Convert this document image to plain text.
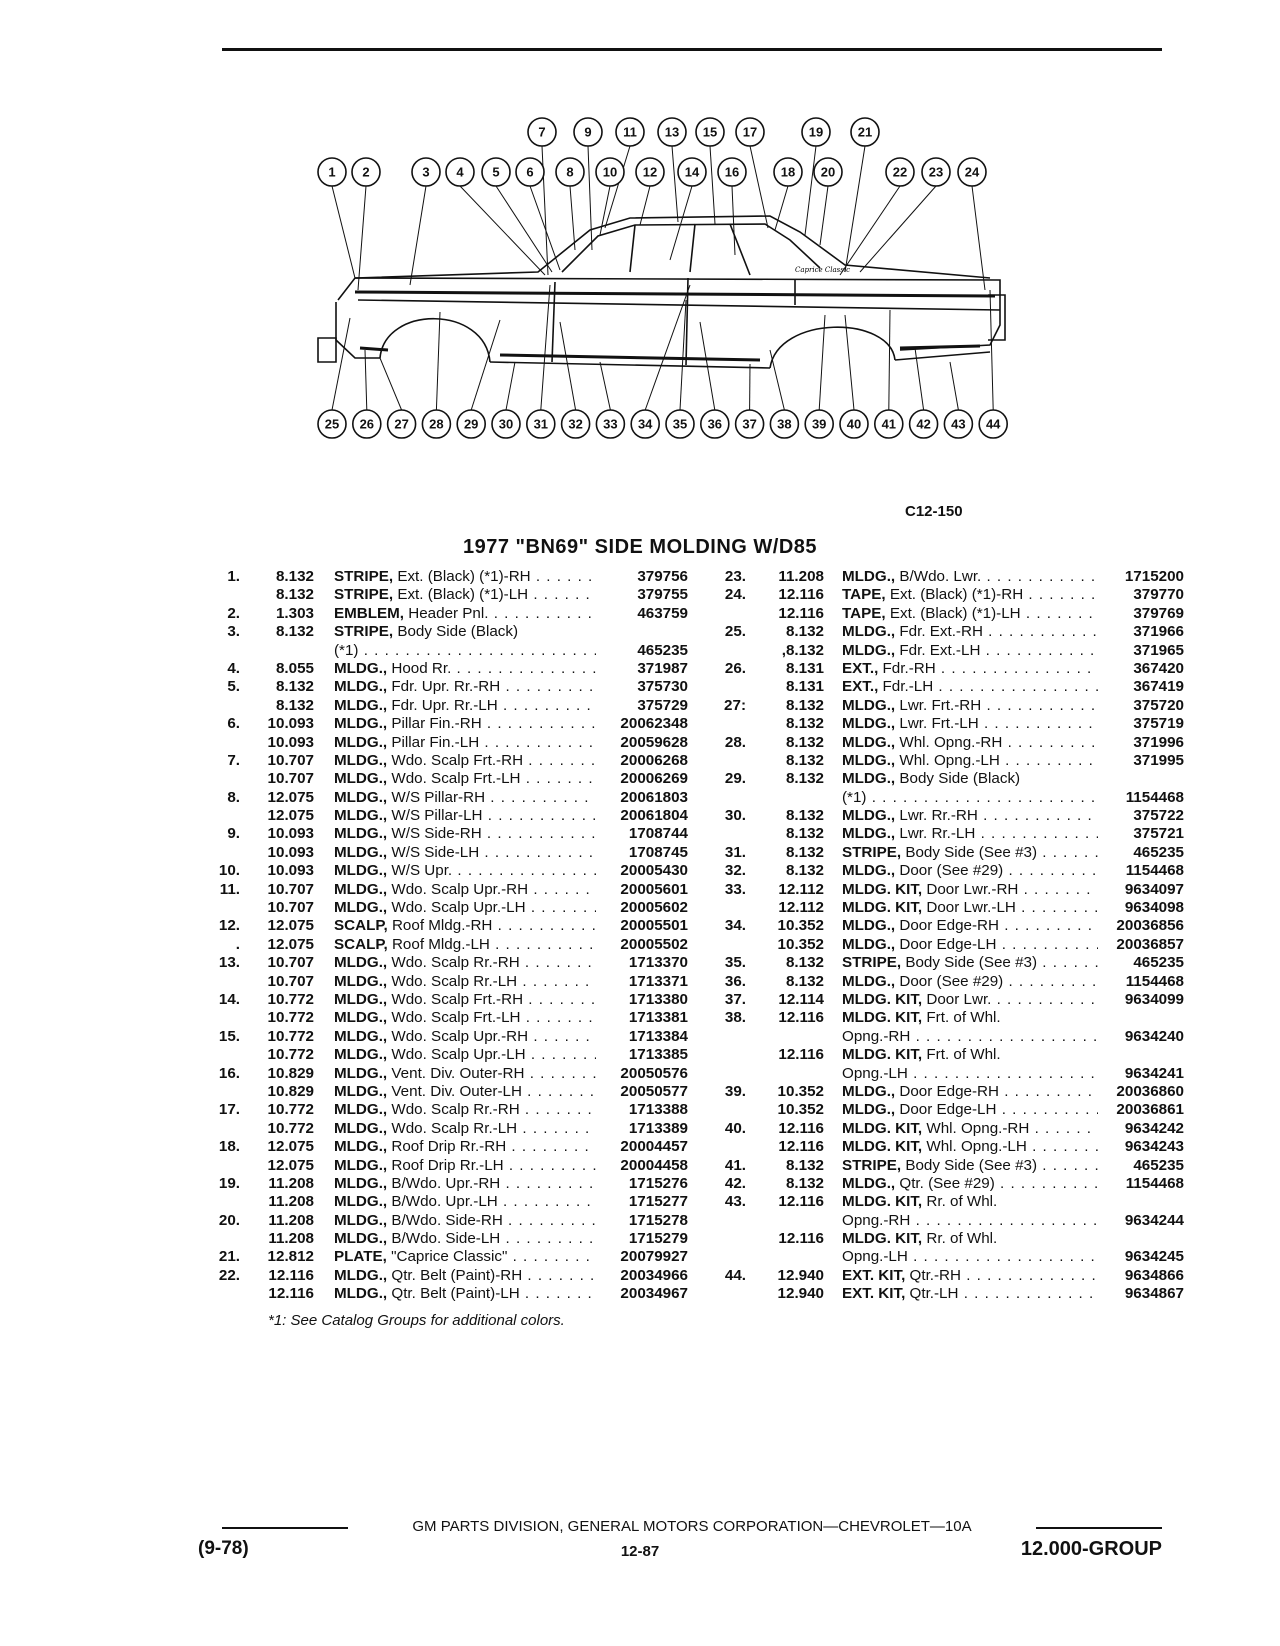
Caprice Classic
7	9 11 13 15 17	19	21
1 2	3 4 5 6	8 10 12 14 16	18 20	22 23 24
25 26 27 28 29 30 31 32 33 34 35 36 37 38 39 40 41 42 43 44
C12-150
1977 "BN69" SIDE MOLDING W/D85
1.	8.132 STRIPE, Ext. (Black) (*1)-RH . . .	379756
8.132 STRIPE, Ext. (Black) (*1)-LH . . .	379755
2.	1.303 EMBLEM, Header Pnl. . . .	463759
3.	8.132 STRIPE, Body Side (Black)
(*1) . . .	465235
4.	8.055 MLDG., Hood Rr. . . .	371987
5.	8.132 MLDG., Fdr. Upr. Rr.-RH . . .	375730
8.132 MLDG., Fdr. Upr. Rr.-LH . . .	375729
6.	10.093 MLDG., Pillar Fin.-RH . . .	20062348
10.093 MLDG., Pillar Fin.-LH . . .	20059628
7.	10.707 MLDG., Wdo. Scalp Frt.-RH . . .	20006268
10.707 MLDG., Wdo. Scalp Frt.-LH . . .	20006269
8.	12.075 MLDG., W/S Pillar-RH . . .	20061803
12.075 MLDG., W/S Pillar-LH . . .	20061804
9.	10.093 MLDG., W/S Side-RH . . .	1708744
10.093 MLDG., W/S Side-LH . . .	1708745
10.	10.093 MLDG., W/S Upr. . . .	20005430
11.	10.707 MLDG., Wdo. Scalp Upr.-RH . . .	20005601
10.707 MLDG., Wdo. Scalp Upr.-LH . . .	20005602
12.	12.075 SCALP, Roof Mldg.-RH . . .	20005501
.	12.075 SCALP, Roof Mldg.-LH . . .	20005502
13.	10.707 MLDG., Wdo. Scalp Rr.-RH . . .	1713370
10.707 MLDG., Wdo. Scalp Rr.-LH . . .	1713371
14.	10.772 MLDG., Wdo. Scalp Frt.-RH . . .	1713380
10.772 MLDG., Wdo. Scalp Frt.-LH . . .	1713381
15.	10.772 MLDG., Wdo. Scalp Upr.-RH . . .	1713384
10.772 MLDG., Wdo. Scalp Upr.-LH . . .	1713385
16.	10.829 MLDG., Vent. Div. Outer-RH . . .	20050576
10.829 MLDG., Vent. Div. Outer-LH . . .	20050577
17.	10.772 MLDG., Wdo. Scalp Rr.-RH . . .	1713388
10.772 MLDG., Wdo. Scalp Rr.-LH . . .	1713389
18.	12.075 MLDG., Roof Drip Rr.-RH . . .	20004457
12.075 MLDG., Roof Drip Rr.-LH . . .	20004458
19.	11.208 MLDG., B/Wdo. Upr.-RH . . .	1715276
11.208 MLDG., B/Wdo. Upr.-LH . . .	1715277
20.	11.208 MLDG., B/Wdo. Side-RH . . .	1715278
11.208 MLDG., B/Wdo. Side-LH . . .	1715279
21.	12.812 PLATE, "Caprice Classic" . . .	20079927
22.	12.116 MLDG., Qtr. Belt (Paint)-RH . . .	20034966
12.116 MLDG., Qtr. Belt (Paint)-LH . . .	20034967
23.	11.208 MLDG., B/Wdo. Lwr. . . .	1715200
24.	12.116 TAPE, Ext. (Black) (*1)-RH . . .	379770
12.116 TAPE, Ext. (Black) (*1)-LH . . .	379769
25.	8.132 MLDG., Fdr. Ext.-RH . . .	371966
,8.132 MLDG., Fdr. Ext.-LH . . .	371965
26.	8.131 EXT., Fdr.-RH . . .	367420
8.131 EXT., Fdr.-LH . . .	367419
27:	8.132 MLDG., Lwr. Frt.-RH . . .	375720
8.132 MLDG., Lwr. Frt.-LH . . .	375719
28.	8.132 MLDG., Whl. Opng.-RH . . .	371996
8.132 MLDG., Whl. Opng.-LH . . .	371995
29.	8.132 MLDG., Body Side (Black)
(*1) . . .	1154468
30.	8.132 MLDG., Lwr. Rr.-RH . . .	375722
8.132 MLDG., Lwr. Rr.-LH . . .	375721
31.	8.132 STRIPE, Body Side (See #3) . . .	465235
32.	8.132 MLDG., Door (See #29) . . .	1154468
33.	12.112 MLDG. KIT, Door Lwr.-RH . . .	9634097
12.112 MLDG. KIT, Door Lwr.-LH . . .	9634098
34.	10.352 MLDG., Door Edge-RH . . .	20036856
10.352 MLDG., Door Edge-LH . . .	20036857
35.	8.132 STRIPE, Body Side (See #3) . . .	465235
36.	8.132 MLDG., Door (See #29) . . .	1154468
37.	12.114 MLDG. KIT, Door Lwr. . . .	9634099
38.	12.116 MLDG. KIT, Frt. of Whl.
Opng.-RH . . .	9634240
12.116 MLDG. KIT, Frt. of Whl.
Opng.-LH . . .	9634241
39.	10.352 MLDG., Door Edge-RH . . .	20036860
10.352 MLDG., Door Edge-LH . . .	20036861
40.	12.116 MLDG. KIT, Whl. Opng.-RH . . .	9634242
12.116 MLDG. KIT, Whl. Opng.-LH . . .	9634243
41.	8.132 STRIPE, Body Side (See #3) . . .	465235
42.	8.132 MLDG., Qtr. (See #29) . . .	1154468
43.	12.116 MLDG. KIT, Rr. of Whl.
Opng.-RH . . .	9634244
12.116 MLDG. KIT, Rr. of Whl.
Opng.-LH . . .	9634245
44.	12.940 EXT. KIT, Qtr.-RH . . .	9634866
12.940 EXT. KIT, Qtr.-LH . . .	9634867
*1: See Catalog Groups for additional colors.
GM PARTS DIVISION, GENERAL MOTORS CORPORATION—CHEVROLET—10A
(9-78)	12-87	12.000-GROUP
